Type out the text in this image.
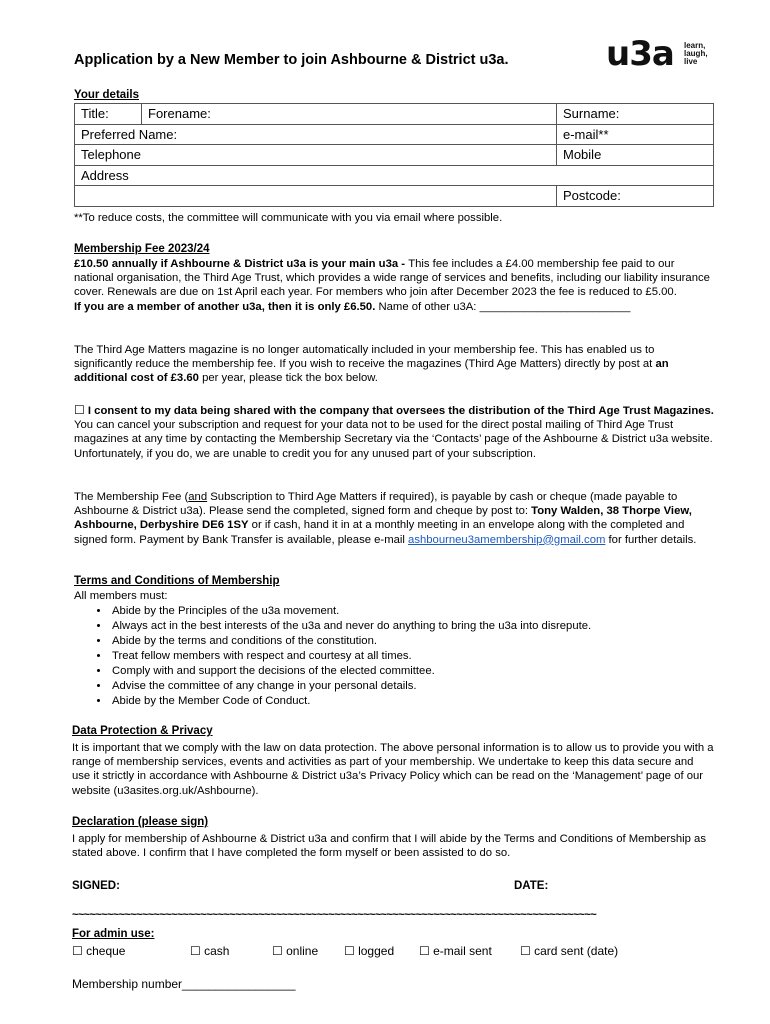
Application by a New Member to join Ashbourne & District u3a.	u3a learn,
laugh,
live
Your details
Title:	Forename:	Surname:
Preferred Name:		e-mail**
Telephone		Mobile
Address		
		Postcode:
**To reduce costs, the committee will communicate with you via email where possible.
Membership Fee 2023/24
£10.50 annually if Ashbourne & District u3a is your main u3a - This fee includes a £4.00 membership fee paid to our national organisation, the Third Age Trust, which provides a wide range of services and benefits, including our liability insurance cover. Renewals are due on 1st April each year. For members who join after December 2023 the fee is reduced to £5.00.
If you are a member of another u3a, then it is only £6.50. Name of other u3A: ________________________
The Third Age Matters magazine is no longer automatically included in your membership fee. This has enabled us to significantly reduce the membership fee. If you wish to receive the magazines (Third Age Matters) directly by post at an additional cost of £3.60 per year, please tick the box below.
☐ I consent to my data being shared with the company that oversees the distribution of the Third Age Trust Magazines. You can cancel your subscription and request for your data not to be used for the direct postal mailing of Third Age Trust magazines at any time by contacting the Membership Secretary via the ‘Contacts’ page of the Ashbourne & District u3a website. Unfortunately, if you do, we are unable to credit you for any unused part of your subscription.
The Membership Fee (and Subscription to Third Age Matters if required), is payable by cash or cheque (made payable to Ashbourne & District u3a). Please send the completed, signed form and cheque by post to: Tony Walden, 38 Thorpe View, Ashbourne, Derbyshire DE6 1SY or if cash, hand it in at a monthly meeting in an envelope along with the completed and signed form. Payment by Bank Transfer is available, please e-mail ashbourneu3amembership@gmail.com for further details.
Terms and Conditions of Membership
All members must:
• Abide by the Principles of the u3a movement.
• Always act in the best interests of the u3a and never do anything to bring the u3a into disrepute.
• Abide by the terms and conditions of the constitution.
• Treat fellow members with respect and courtesy at all times.
• Comply with and support the decisions of the elected committee.
• Advise the committee of any change in your personal details.
• Abide by the Member Code of Conduct.
Data Protection & Privacy
It is important that we comply with the law on data protection. The above personal information is to allow us to provide you with a range of membership services, events and activities as part of your membership. We undertake to keep this data secure and use it strictly in accordance with Ashbourne & District u3a’s Privacy Policy which can be read on the ‘Management’ page of our website (u3asites.org.uk/Ashbourne).
Declaration (please sign)
I apply for membership of Ashbourne & District u3a and confirm that I will abide by the Terms and Conditions of Membership as stated above. I confirm that I have completed the form myself or been assisted to do so.
SIGNED:	DATE:
~~~~~~~~~~~~~~~~~~~~~~~~~~~~~~~~~~~~~~~~~~~~~~~~~~~~~~~~~~~~~~~~~~~~~~~~~~~~~~~~~~~~~~~~~~
For admin use:
☐ cheque	☐ cash	☐ online ☐ logged ☐ e-mail sent ☐ card sent (date)
Membership number_________________
